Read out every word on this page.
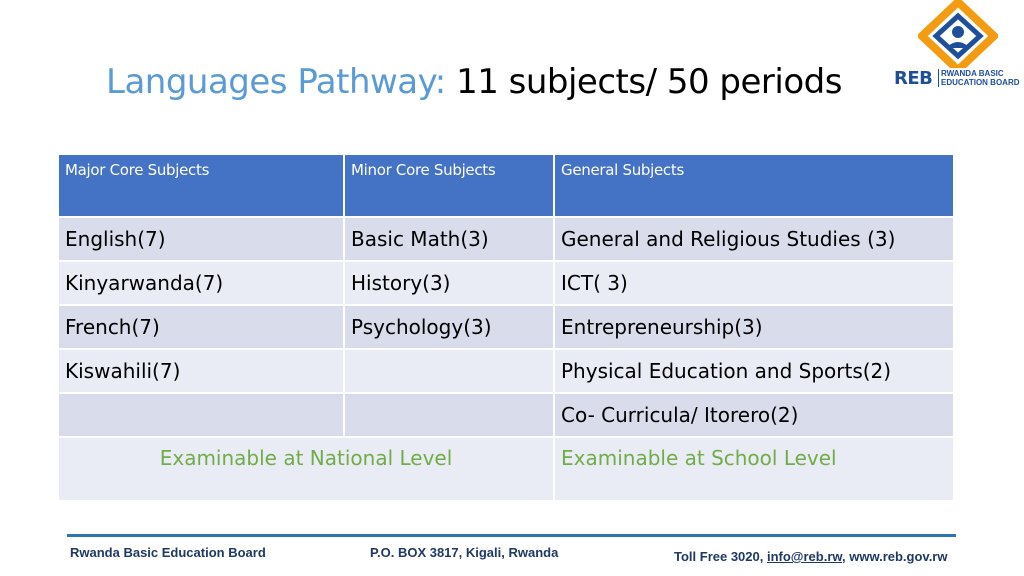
Languages Pathway: 11 subjects/ 50 periods	REB RWANDA BASIC
EDUCATION BOARD
Major Core Subjects	Minor Core Subjects	General Subjects
English(7)	Basic Math(3)	General and Religious Studies (3)
Kinyarwanda(7)	History(3)	ICT( 3)
French(7)	Psychology(3)	Entrepreneurship(3)
Kiswahili(7)		Physical Education and Sports(2)
		Co- Curricula/ Itorero(2)
Examinable at National Level		Examinable at School Level
Rwanda Basic Education Board	P.O. BOX 3817, Kigali, Rwanda	Toll Free 3020, info@reb.rw, www.reb.gov.rw
